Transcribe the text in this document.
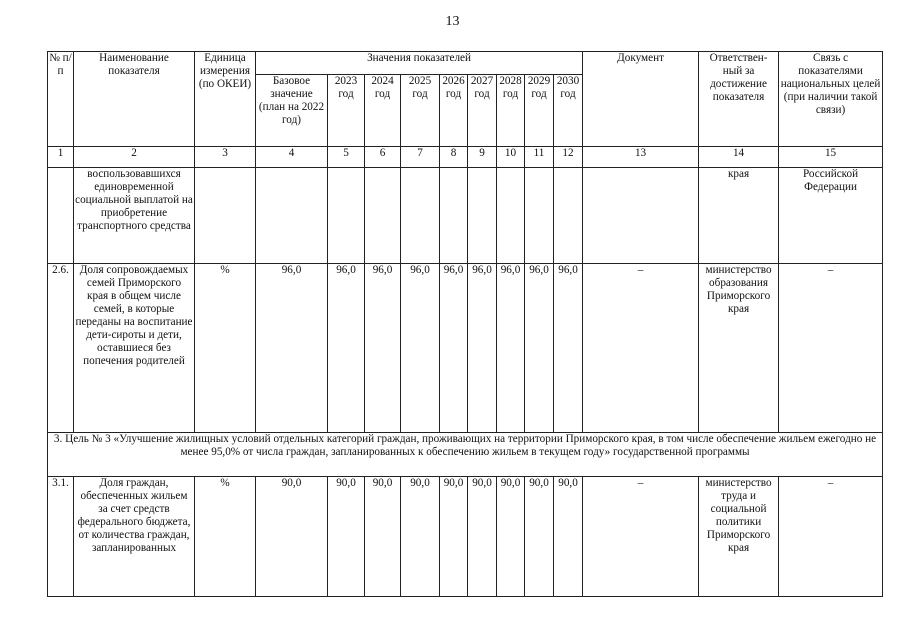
13
№ п/п	Наименование показателя	Единица измерения (по ОКЕИ)	Значения показателей									Документ	Ответствен-ный за достижение показателя	Связь с показателями национальных целей (при наличии такой связи)
			Базовое значение (план на 2022 год)	2023 год	2024 год	2025 год	2026 год	2027 год	2028 год	2029 год	2030 год			
1	2	3	4	5	6	7	8	9	10	11	12	13	14	15
	воспользовавшихся единовременной социальной выплатой на приобретение транспортного средства												края	Российской Федерации
2.6.	Доля сопровождаемых семей Приморского края в общем числе семей, в которые переданы на воспитание дети-сироты и дети, оставшиеся без попечения родителей	%	96,0	96,0	96,0	96,0	96,0	96,0	96,0	96,0	96,0	–	министерство образования Приморского края	–
3. Цель № 3 «Улучшение жилищных условий отдельных категорий граждан, проживающих на территории Приморского края, в том числе обеспечение жильем ежегодно не менее 95,0% от числа граждан, запланированных к обеспечению жильем в текущем году» государственной программы														
3.1.	Доля граждан, обеспеченных жильем за счет средств федерального бюджета, от количества граждан, запланированных	%	90,0	90,0	90,0	90,0	90,0	90,0	90,0	90,0	90,0	–	министерство труда и социальной политики Приморского края	–
